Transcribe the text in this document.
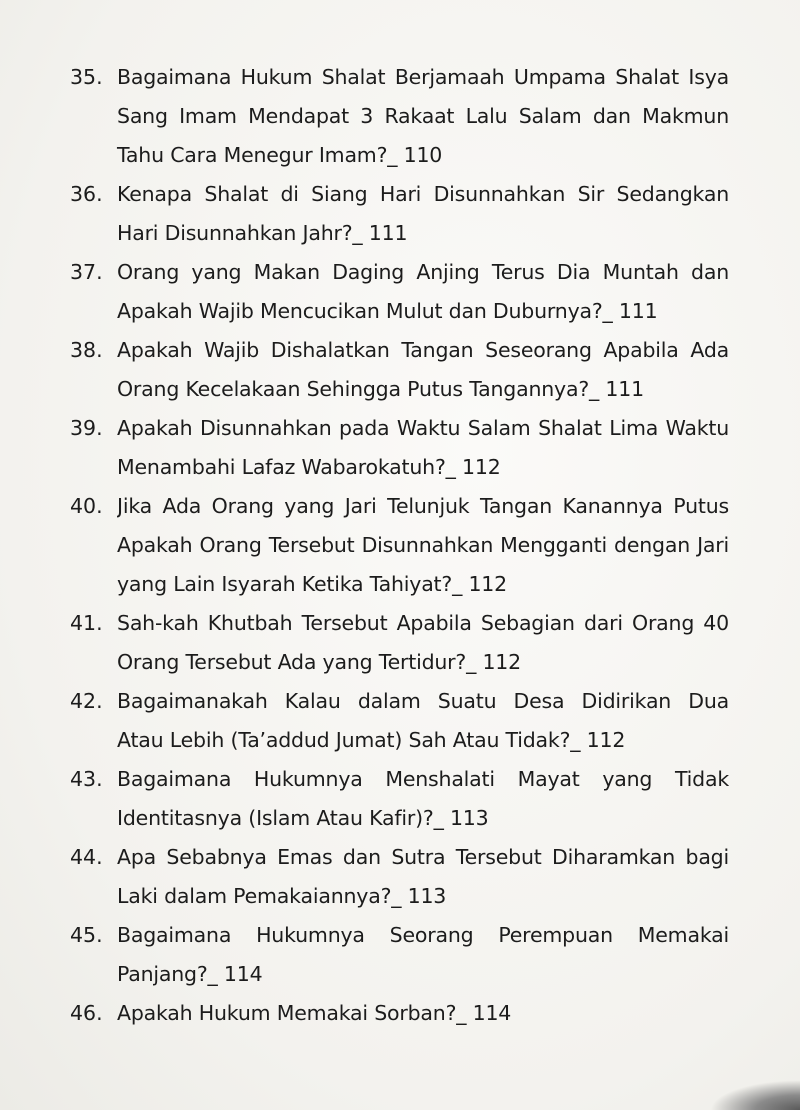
35. Bagaimana Hukum Shalat Berjamaah Umpama Shalat Isya
Sang Imam Mendapat 3 Rakaat Lalu Salam dan Makmun
Tahu Cara Menegur Imam?_ 110
36. Kenapa Shalat di Siang Hari Disunnahkan Sir Sedangkan
Hari Disunnahkan Jahr?_ 111
37. Orang yang Makan Daging Anjing Terus Dia Muntah dan
Apakah Wajib Mencucikan Mulut dan Duburnya?_ 111
38. Apakah Wajib Dishalatkan Tangan Seseorang Apabila Ada
Orang Kecelakaan Sehingga Putus Tangannya?_ 111
39. Apakah Disunnahkan pada Waktu Salam Shalat Lima Waktu
Menambahi Lafaz Wabarokatuh?_ 112
40. Jika Ada Orang yang Jari Telunjuk Tangan Kanannya Putus
Apakah Orang Tersebut Disunnahkan Mengganti dengan Jari
yang Lain Isyarah Ketika Tahiyat?_ 112
41. Sah-kah Khutbah Tersebut Apabila Sebagian dari Orang 40
Orang Tersebut Ada yang Tertidur?_ 112
42. Bagaimanakah Kalau dalam Suatu Desa Didirikan Dua
Atau Lebih (Ta’addud Jumat) Sah Atau Tidak?_ 112
43. Bagaimana Hukumnya Menshalati Mayat yang Tidak
Identitasnya (Islam Atau Kafir)?_ 113
44. Apa Sebabnya Emas dan Sutra Tersebut Diharamkan bagi
Laki dalam Pemakaiannya?_ 113
45. Bagaimana Hukumnya Seorang Perempuan Memakai
Panjang?_ 114
46. Apakah Hukum Memakai Sorban?_ 114
